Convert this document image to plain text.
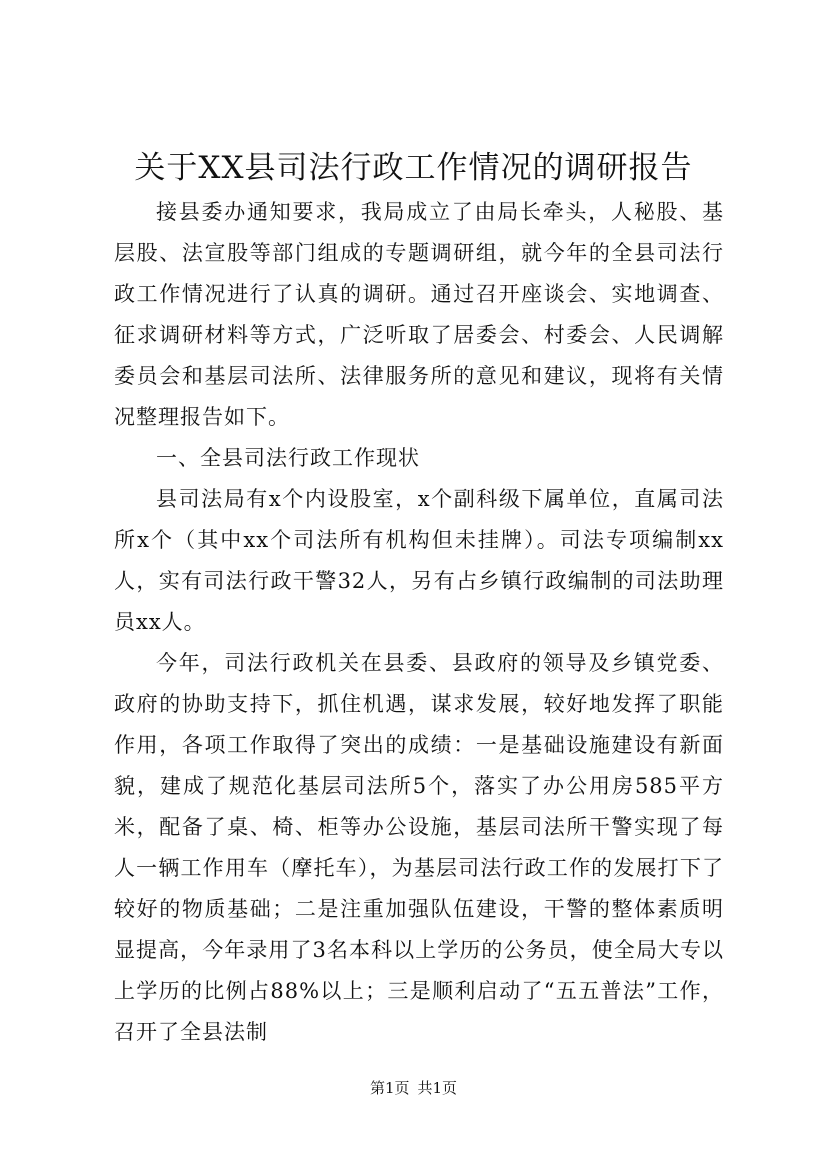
关于XX县司法行政工作情况的调研报告

接县委办通知要求，我局成立了由局长牵头，人秘股、基层股、法宣股等部门组成的专题调研组，就今年的全县司法行政工作情况进行了认真的调研。通过召开座谈会、实地调查、征求调研材料等方式，广泛听取了居委会、村委会、人民调解委员会和基层司法所、法律服务所的意见和建议，现将有关情况整理报告如下。

一、全县司法行政工作现状

县司法局有x个内设股室，x个副科级下属单位，直属司法所x个（其中xx个司法所有机构但未挂牌）。司法专项编制xx人，实有司法行政干警32人，另有占乡镇行政编制的司法助理员xx人。

今年，司法行政机关在县委、县政府的领导及乡镇党委、政府的协助支持下，抓住机遇，谋求发展，较好地发挥了职能作用，各项工作取得了突出的成绩：一是基础设施建设有新面貌，建成了规范化基层司法所5个，落实了办公用房585平方米，配备了桌、椅、柜等办公设施，基层司法所干警实现了每人一辆工作用车（摩托车），为基层司法行政工作的发展打下了较好的物质基础；二是注重加强队伍建设，干警的整体素质明显提高，今年录用了3名本科以上学历的公务员，使全局大专以上学历的比例占88%以上；三是顺利启动了“五五普法”工作，召开了全县法制

第1页 共1页
